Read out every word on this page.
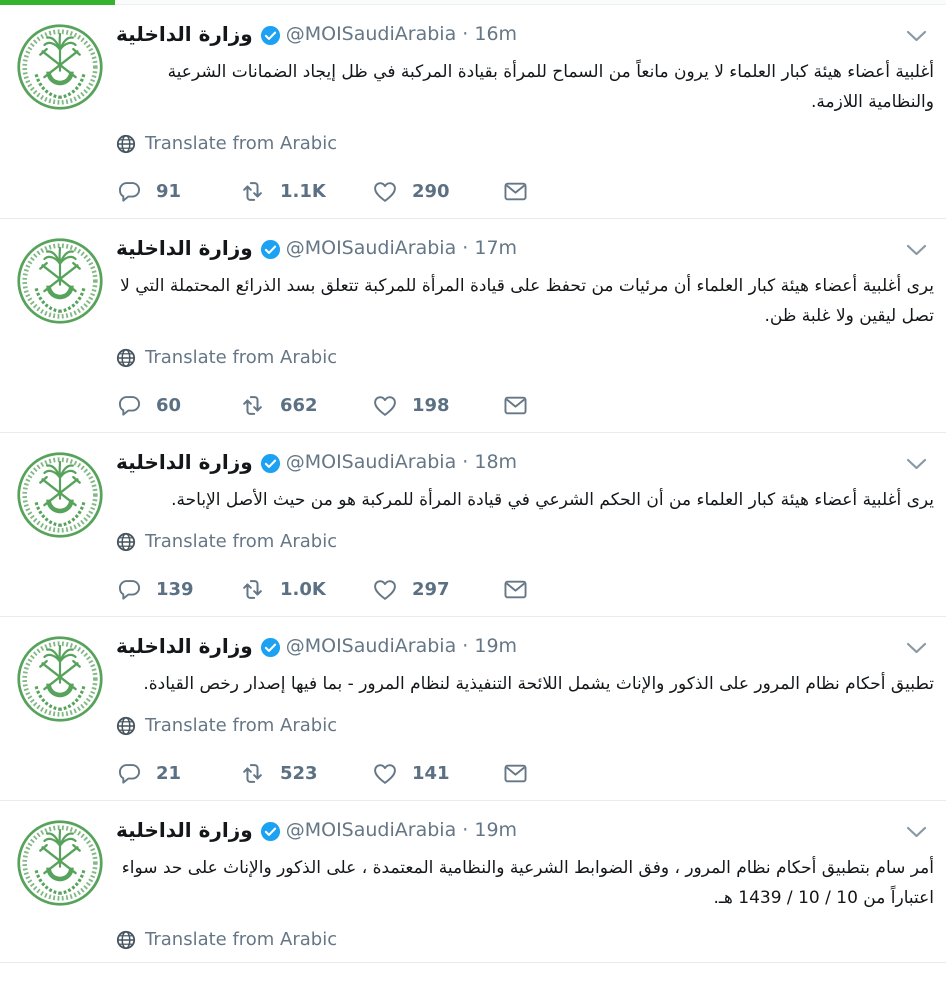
وزارة الداخلية @MOISaudiArabia · 16m

أغلبية أعضاء هيئة كبار العلماء لا يرون مانعاً من السماح للمرأة بقيادة المركبة في ظل إيجاد الضمانات الشرعية والنظامية اللازمة.

Translate from Arabic
91	1.1K	290
وزارة الداخلية @MOISaudiArabia · 17m

يرى أغلبية أعضاء هيئة كبار العلماء أن مرئيات من تحفظ على قيادة المرأة للمركبة تتعلق بسد الذرائع المحتملة التي لا تصل ليقين ولا غلبة ظن.

Translate from Arabic
60	662	198
وزارة الداخلية @MOISaudiArabia · 18m

يرى أغلبية أعضاء هيئة كبار العلماء من أن الحكم الشرعي في قيادة المرأة للمركبة هو من حيث الأصل الإباحة.

Translate from Arabic
139	1.0K	297
وزارة الداخلية @MOISaudiArabia · 19m

تطبيق أحكام نظام المرور على الذكور والإناث يشمل اللائحة التنفيذية لنظام المرور - بما فيها إصدار رخص القيادة.

Translate from Arabic
21	523	141
وزارة الداخلية @MOISaudiArabia · 19m

أمر سام بتطبيق أحكام نظام المرور ، وفق الضوابط الشرعية والنظامية المعتمدة ، على الذكور والإناث على حد سواء اعتباراً من 10 / 10 / 1439 هـ.

Translate from Arabic
